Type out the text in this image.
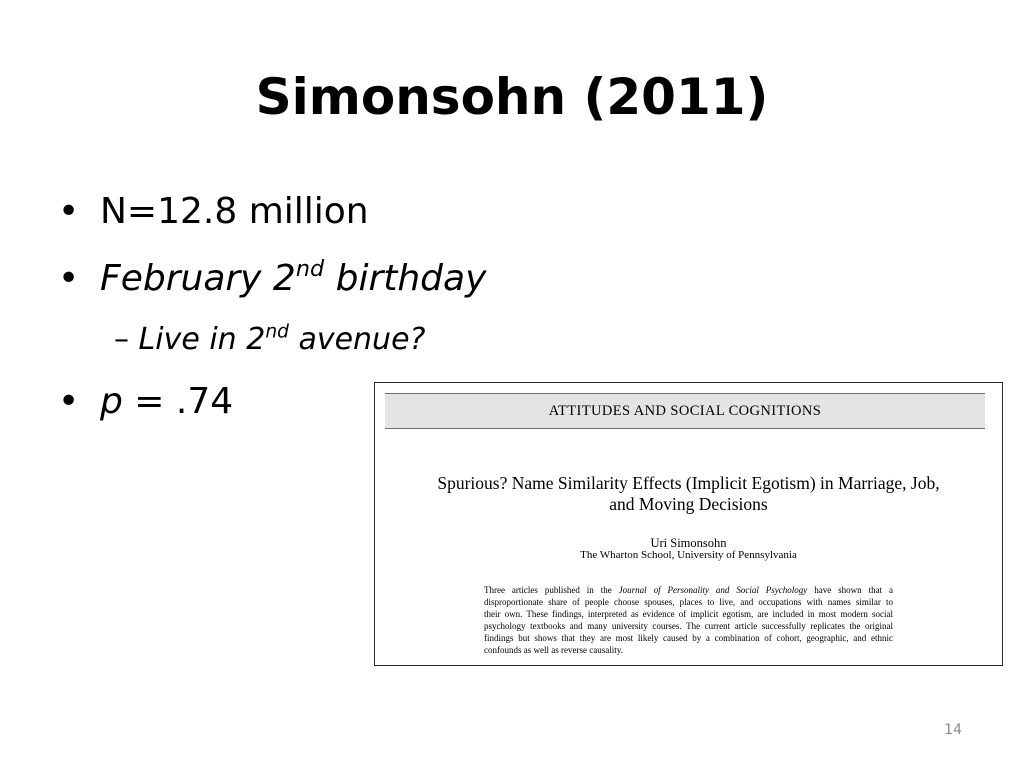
Simonsohn (2011)
• N=12.8 million
• February 2nd birthday
– Live in 2nd avenue?
• p = .74	ATTITUDES AND SOCIAL COGNITIONS
Spurious? Name Similarity Effects (Implicit Egotism) in Marriage, Job,
and Moving Decisions
Uri Simonsohn
The Wharton School, University of Pennsylvania
Three articles published in the Journal of Personality and Social Psychology have shown that a
disproportionate share of people choose spouses, places to live, and occupations with names similar to
their own. These findings, interpreted as evidence of implicit egotism, are included in most modern social
psychology textbooks and many university courses. The current article successfully replicates the original
findings but shows that they are most likely caused by a combination of cohort, geographic, and ethnic
confounds as well as reverse causality.
14
